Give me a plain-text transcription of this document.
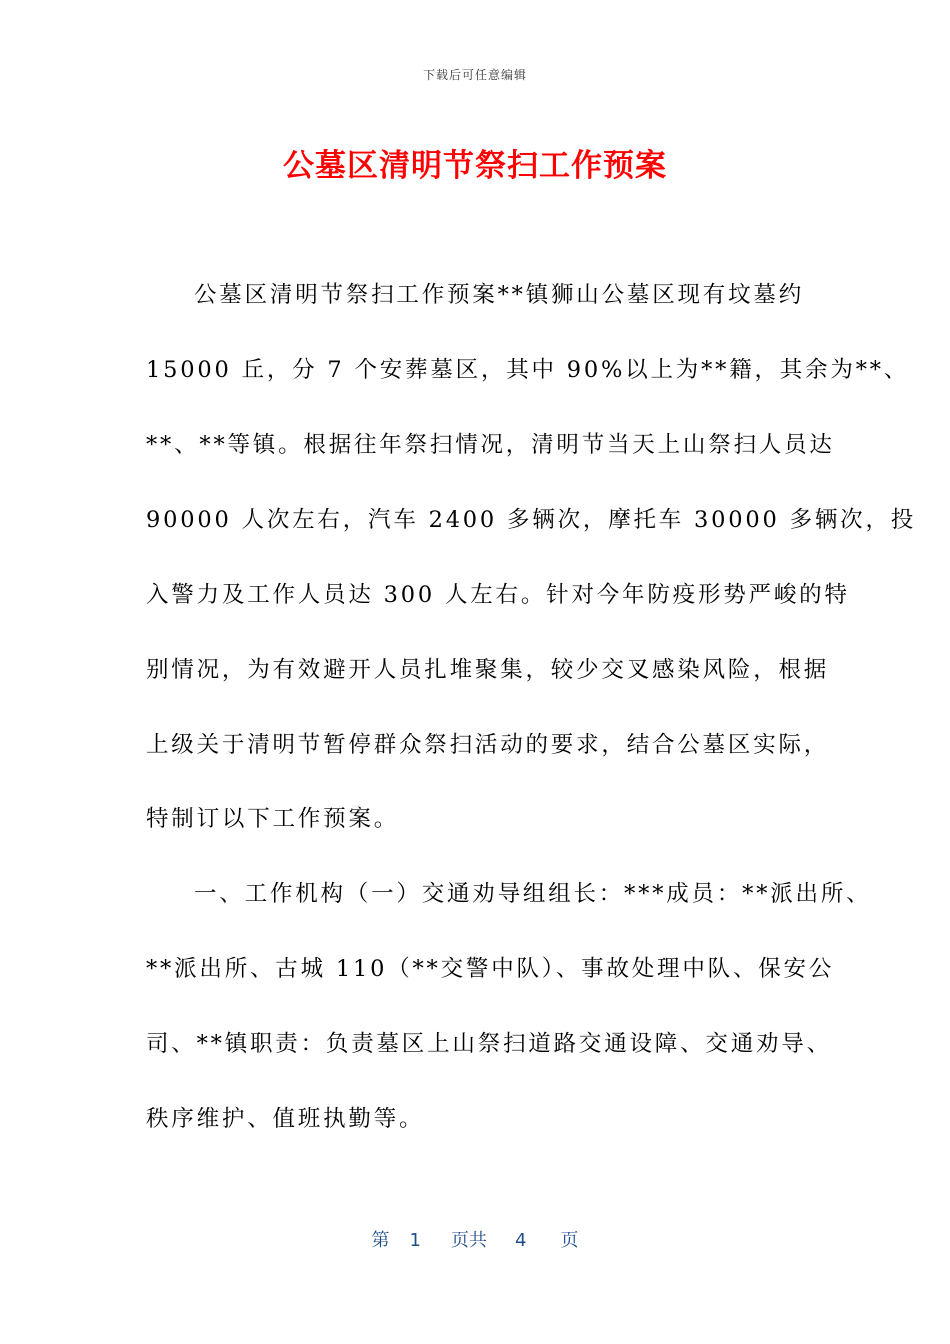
下载后可任意编辑
公墓区清明节祭扫工作预案
公墓区清明节祭扫工作预案**镇狮山公墓区现有坟墓约
15000 丘，分 7 个安葬墓区，其中 90%以上为**籍，其余为**、
**、**等镇。根据往年祭扫情况，清明节当天上山祭扫人员达
90000 人次左右，汽车 2400 多辆次，摩托车 30000 多辆次，投
入警力及工作人员达 300 人左右。针对今年防疫形势严峻的特
别情况，为有效避开人员扎堆聚集，较少交叉感染风险，根据
上级关于清明节暂停群众祭扫活动的要求，结合公墓区实际，
特制订以下工作预案。
一、工作机构（一）交通劝导组组长：***成员：**派出所、
**派出所、古城 110（**交警中队）、事故处理中队、保安公
司、**镇职责：负责墓区上山祭扫道路交通设障、交通劝导、
秩序维护、值班执勤等。
第 1 页共 4 页
